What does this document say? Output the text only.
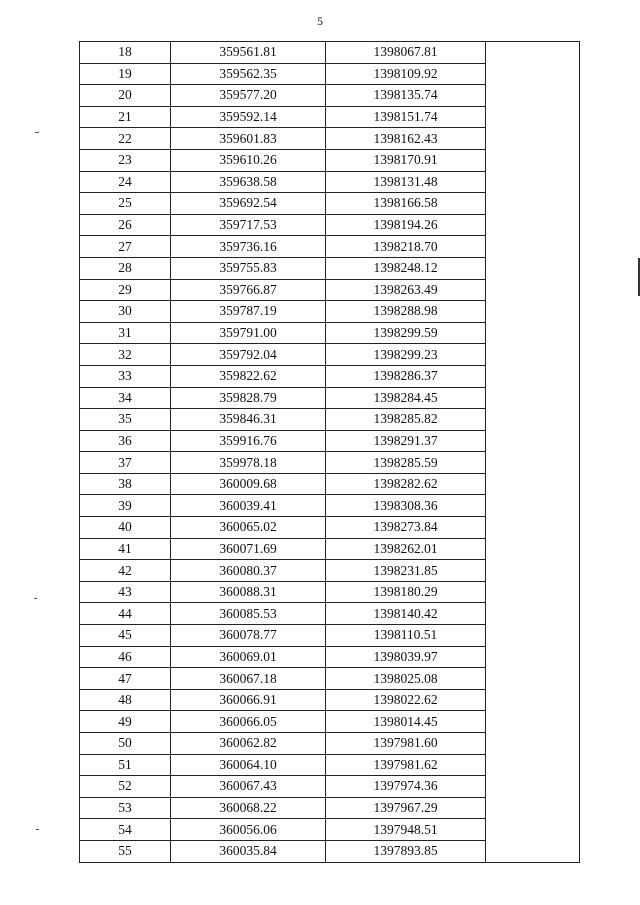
5
18	359561.81	1398067.81	
19	359562.35	1398109.92	
20	359577.20	1398135.74	
21	359592.14	1398151.74	
22	359601.83	1398162.43	
23	359610.26	1398170.91	
24	359638.58	1398131.48	
25	359692.54	1398166.58	
26	359717.53	1398194.26	
27	359736.16	1398218.70	
28	359755.83	1398248.12	
29	359766.87	1398263.49	
30	359787.19	1398288.98	
31	359791.00	1398299.59	
32	359792.04	1398299.23	
33	359822.62	1398286.37	
34	359828.79	1398284.45	
35	359846.31	1398285.82	
36	359916.76	1398291.37	
37	359978.18	1398285.59	
38	360009.68	1398282.62	
39	360039.41	1398308.36	
40	360065.02	1398273.84	
41	360071.69	1398262.01	
42	360080.37	1398231.85	
43	360088.31	1398180.29	
44	360085.53	1398140.42	
45	360078.77	1398110.51	
46	360069.01	1398039.97	
47	360067.18	1398025.08	
48	360066.91	1398022.62	
49	360066.05	1398014.45	
50	360062.82	1397981.60	
51	360064.10	1397981.62	
52	360067.43	1397974.36	
53	360068.22	1397967.29	
54	360056.06	1397948.51	
55	360035.84	1397893.85	
